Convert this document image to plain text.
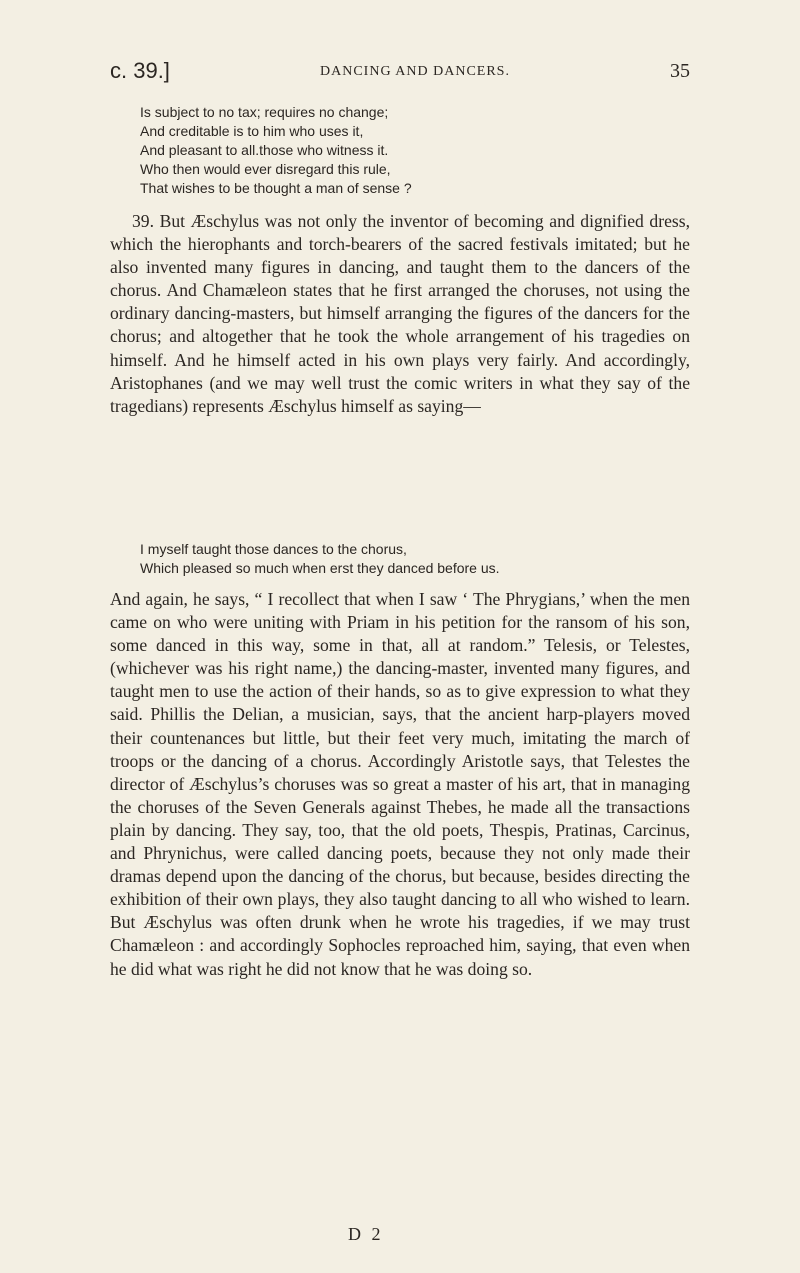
c. 39.]	DANCING AND DANCERS.	35
Is subject to no tax; requires no change;
And creditable is to him who uses it,
And pleasant to all.those who witness it.
Who then would ever disregard this rule,
That wishes to be thought a man of sense ?

39. But Æschylus was not only the inventor of becoming and dignified dress, which the hierophants and torch-bearers of the sacred festivals imitated; but he also invented many figures in dancing, and taught them to the dancers of the chorus. And Chamæleon states that he first arranged the choruses, not using the ordinary dancing-masters, but himself arranging the figures of the dancers for the chorus; and altogether that he took the whole arrangement of his tragedies on himself. And he himself acted in his own plays very fairly. And accordingly, Aristophanes (and we may well trust the comic writers in what they say of the tragedians) represents Æschylus himself as saying—

I myself taught those dances to the chorus,
Which pleased so much when erst they danced before us.

And again, he says, “ I recollect that when I saw ‘ The Phrygians,’ when the men came on who were uniting with Priam in his petition for the ransom of his son, some danced in this way, some in that, all at random.” Telesis, or Telestes, (whichever was his right name,) the dancing-master, invented many figures, and taught men to use the action of their hands, so as to give expression to what they said. Phillis the Delian, a musician, says, that the ancient harp-players moved their countenances but little, but their feet very much, imitating the march of troops or the dancing of a chorus. Accordingly Aristotle says, that Telestes the director of Æschylus’s choruses was so great a master of his art, that in managing the choruses of the Seven Generals against Thebes, he made all the transactions plain by dancing. They say, too, that the old poets, Thespis, Pratinas, Carcinus, and Phrynichus, were called dancing poets, because they not only made their dramas depend upon the dancing of the chorus, but because, besides directing the exhibition of their own plays, they also taught dancing to all who wished to learn. But Æschylus was often drunk when he wrote his tragedies, if we may trust Chamæleon : and accordingly Sophocles reproached him, saying, that even when he did what was right he did not know that he was doing so.

D 2
